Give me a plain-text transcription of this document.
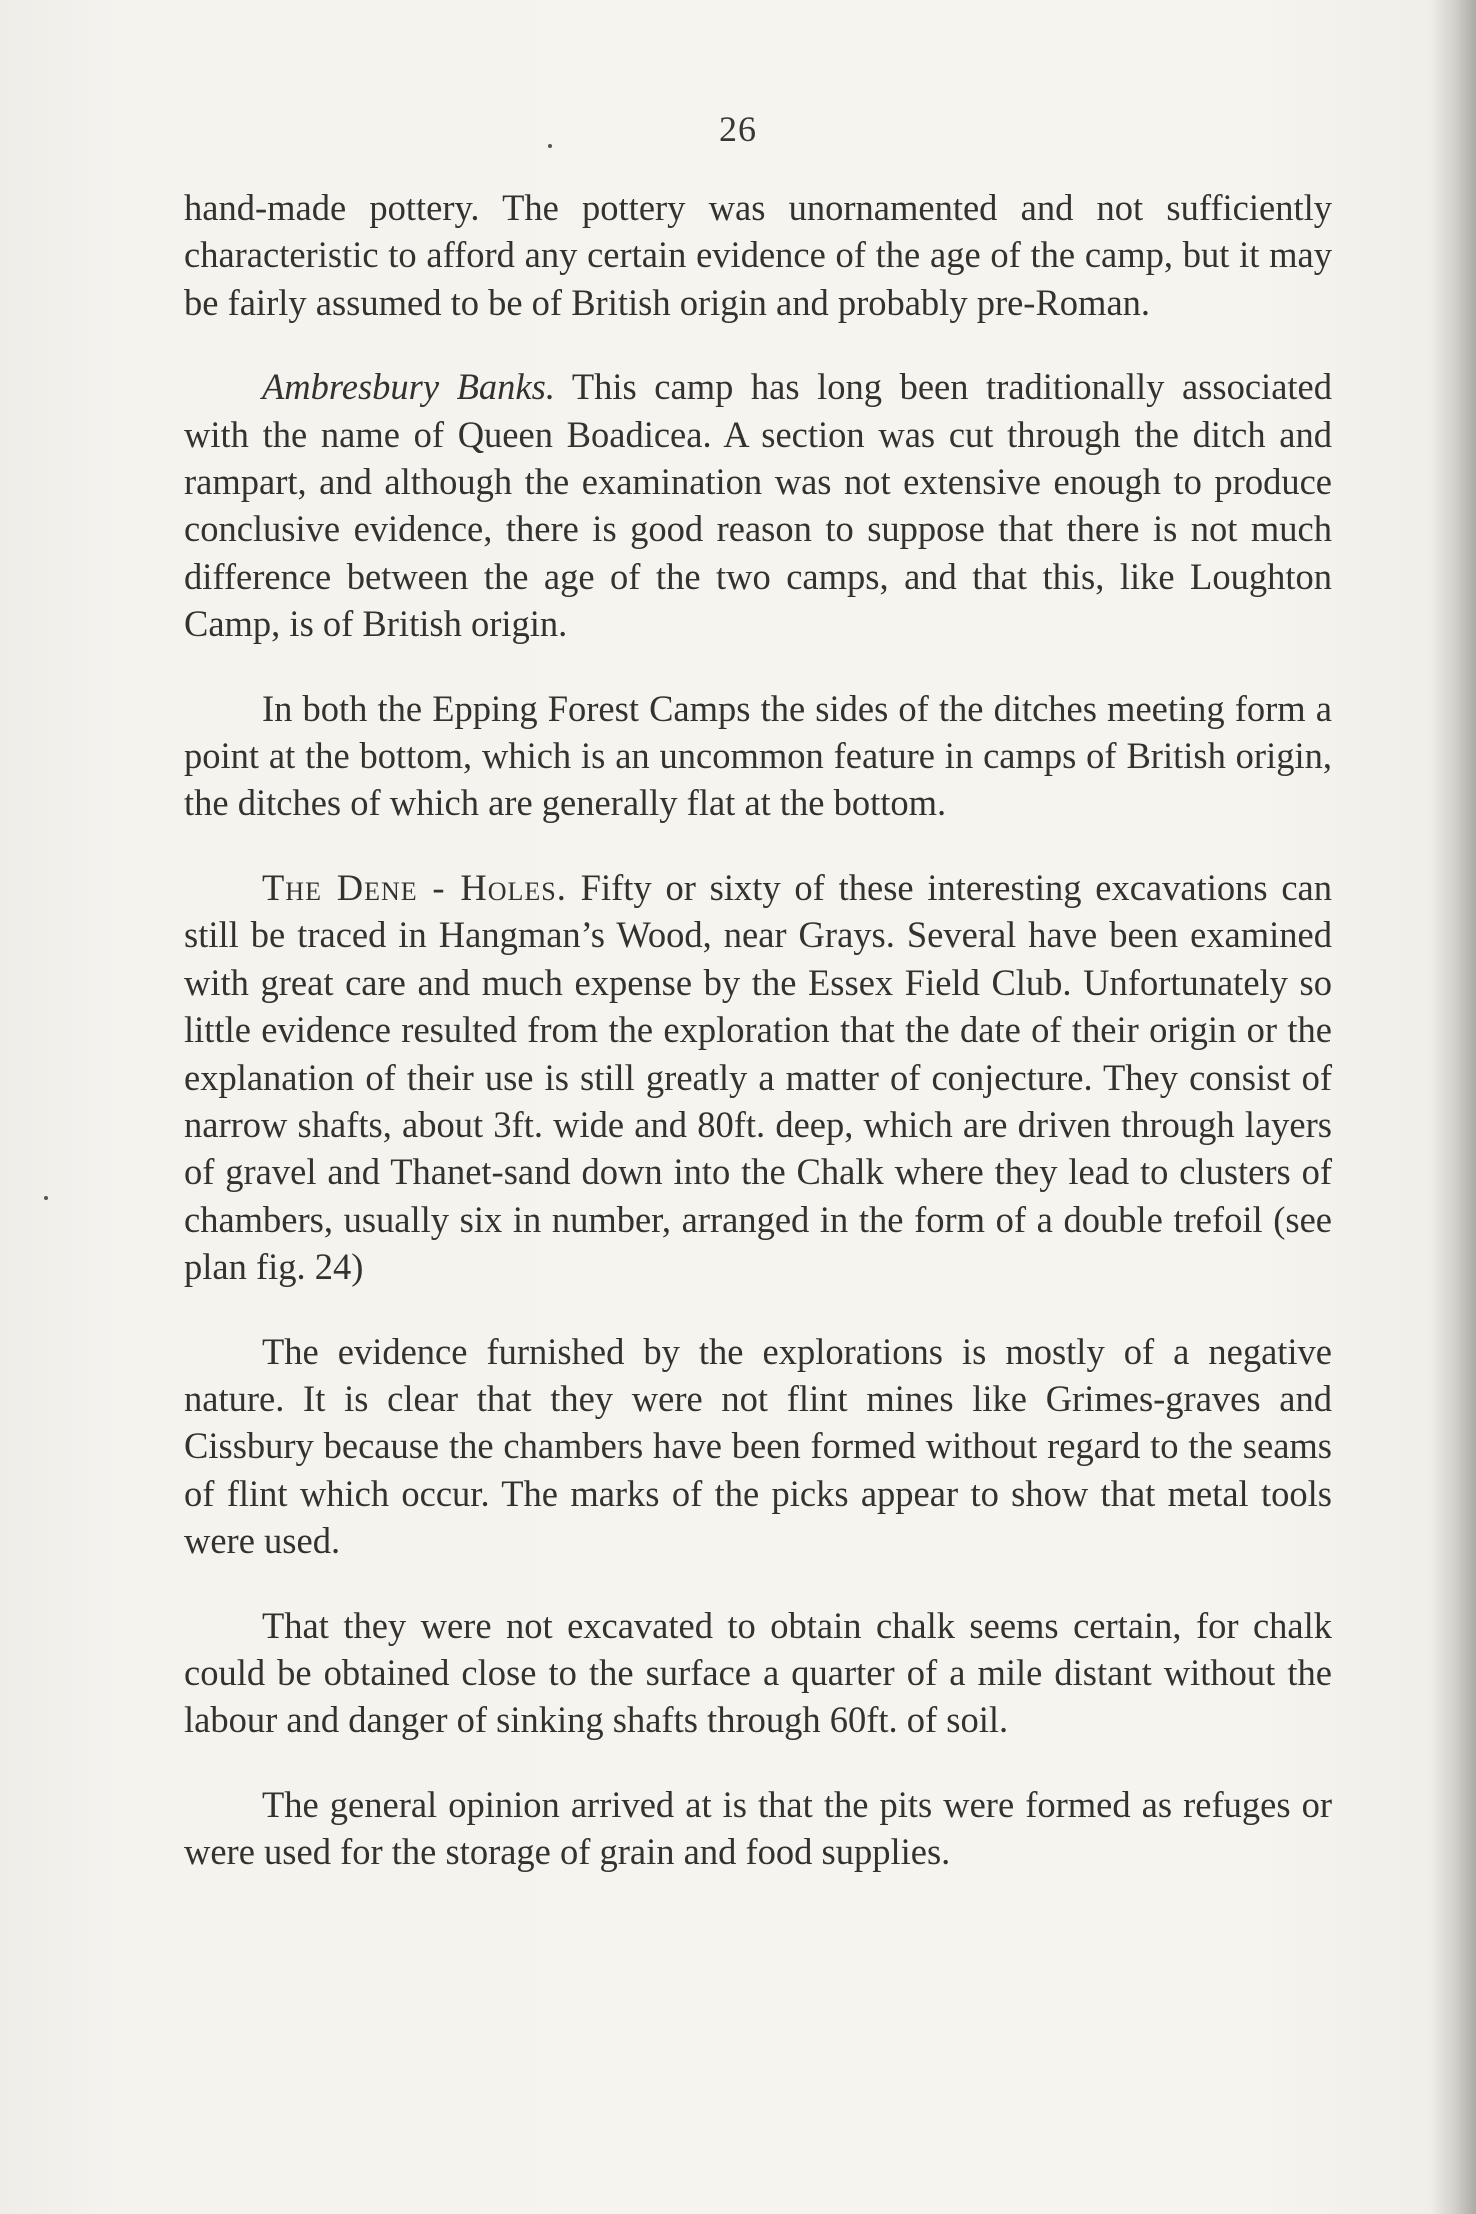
26

hand-made pottery. The pottery was unornamented and not sufficiently characteristic to afford any certain evidence of the age of the camp, but it may be fairly assumed to be of British origin and probably pre-Roman.

Ambresbury Banks. This camp has long been traditionally associated with the name of Queen Boadicea. A section was cut through the ditch and rampart, and although the examination was not extensive enough to produce conclusive evidence, there is good reason to suppose that there is not much difference between the age of the two camps, and that this, like Loughton Camp, is of British origin.

In both the Epping Forest Camps the sides of the ditches meeting form a point at the bottom, which is an uncommon feature in camps of British origin, the ditches of which are generally flat at the bottom.

The Dene - Holes. Fifty or sixty of these interesting excavations can still be traced in Hangman’s Wood, near Grays. Several have been examined with great care and much expense by the Essex Field Club. Unfortunately so little evidence resulted from the exploration that the date of their origin or the explanation of their use is still greatly a matter of conjecture. They consist of narrow shafts, about 3ft. wide and 80ft. deep, which are driven through layers of gravel and Thanet-sand down into the Chalk where they lead to clusters of chambers, usually six in number, arranged in the form of a double trefoil (see plan fig. 24)

The evidence furnished by the explorations is mostly of a negative nature. It is clear that they were not flint mines like Grimes-graves and Cissbury because the chambers have been formed without regard to the seams of flint which occur. The marks of the picks appear to show that metal tools were used.

That they were not excavated to obtain chalk seems certain, for chalk could be obtained close to the surface a quarter of a mile distant without the labour and danger of sinking shafts through 60ft. of soil.

The general opinion arrived at is that the pits were formed as refuges or were used for the storage of grain and food supplies.
